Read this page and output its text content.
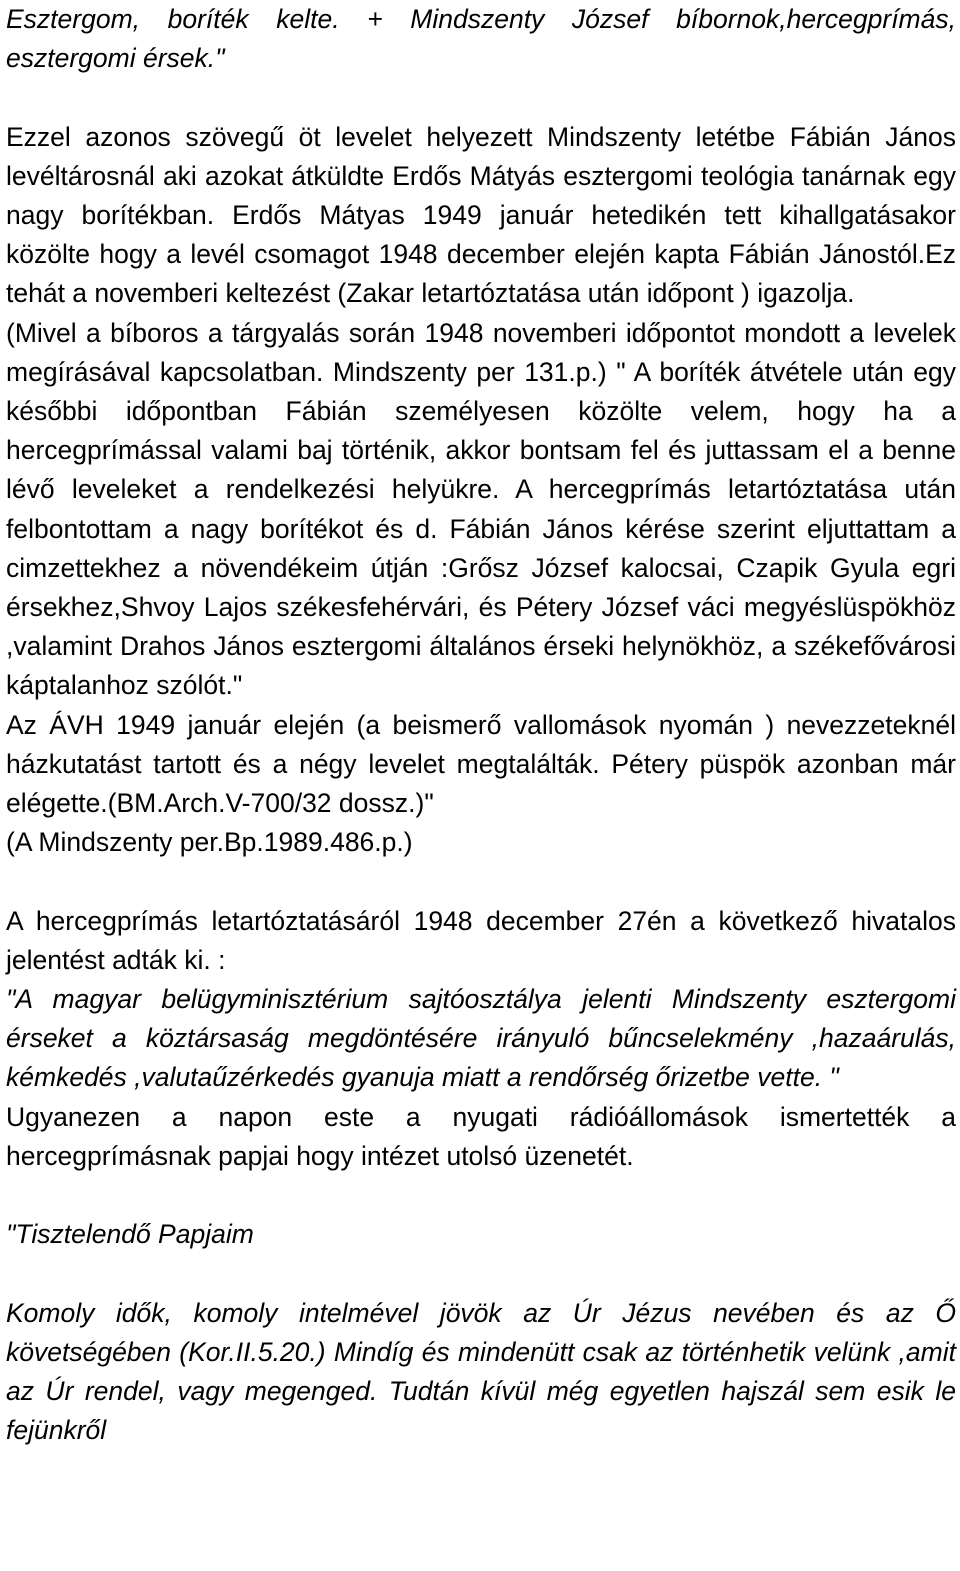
Esztergom, boríték kelte. + Mindszenty József bíbornok,hercegprímás, esztergomi érsek."

Ezzel azonos szövegű öt levelet helyezett Mindszenty letétbe Fábián János levéltárosnál aki azokat átküldte Erdős Mátyás esztergomi teológia tanárnak egy nagy borítékban. Erdős Mátyas 1949 január hetedikén tett kihallgatásakor közölte hogy a levél csomagot 1948 december elején kapta Fábián Jánostól.Ez tehát a novemberi keltezést (Zakar letartóztatása után időpont ) igazolja.

(Mivel a bíboros a tárgyalás során 1948 novemberi időpontot mondott a levelek megírásával kapcsolatban. Mindszenty per 131.p.) " A boríték átvétele után egy későbbi időpontban Fábián személyesen közölte velem, hogy ha a hercegprímással valami baj történik, akkor bontsam fel és juttassam el a benne lévő leveleket a rendelkezési helyükre. A hercegprímás letartóztatása után felbontottam a nagy borítékot és d. Fábián János kérése szerint eljuttattam a cimzettekhez a növendékeim útján :Grősz József kalocsai, Czapik Gyula egri érsekhez,Shvoy Lajos székesfehérvári, és Pétery József váci megyéslüspökhöz ,valamint Drahos János esztergomi általános érseki helynökhöz, a székefővárosi káptalanhoz szólót."

Az ÁVH 1949 január elején (a beismerő vallomások nyomán ) nevezzeteknél házkutatást tartott és a négy levelet megtalálták. Pétery püspök azonban már elégette.(BM.Arch.V-700/32 dossz.)"

(A Mindszenty per.Bp.1989.486.p.)

A hercegprímás letartóztatásáról 1948 december 27én a következő hivatalos jelentést adták ki. :

"A magyar belügyminisztérium sajtóosztálya jelenti Mindszenty esztergomi érseket a köztársaság megdöntésére irányuló bűncselekmény ,hazaárulás, kémkedés ,valutaűzérkedés gyanuja miatt a rendőrség őrizetbe vette. "

Ugyanezen a napon este a nyugati rádióállomások ismertették a hercegprímásnak papjai hogy intézet utolsó üzenetét.

"Tisztelendő Papjaim

Komoly idők, komoly intelmével jövök az Úr Jézus nevében és az Ő követségében (Kor.II.5.20.) Mindíg és mindenütt csak az történhetik velünk ,amit az Úr rendel, vagy megenged. Tudtán kívül még egyetlen hajszál sem esik le fejünkről
